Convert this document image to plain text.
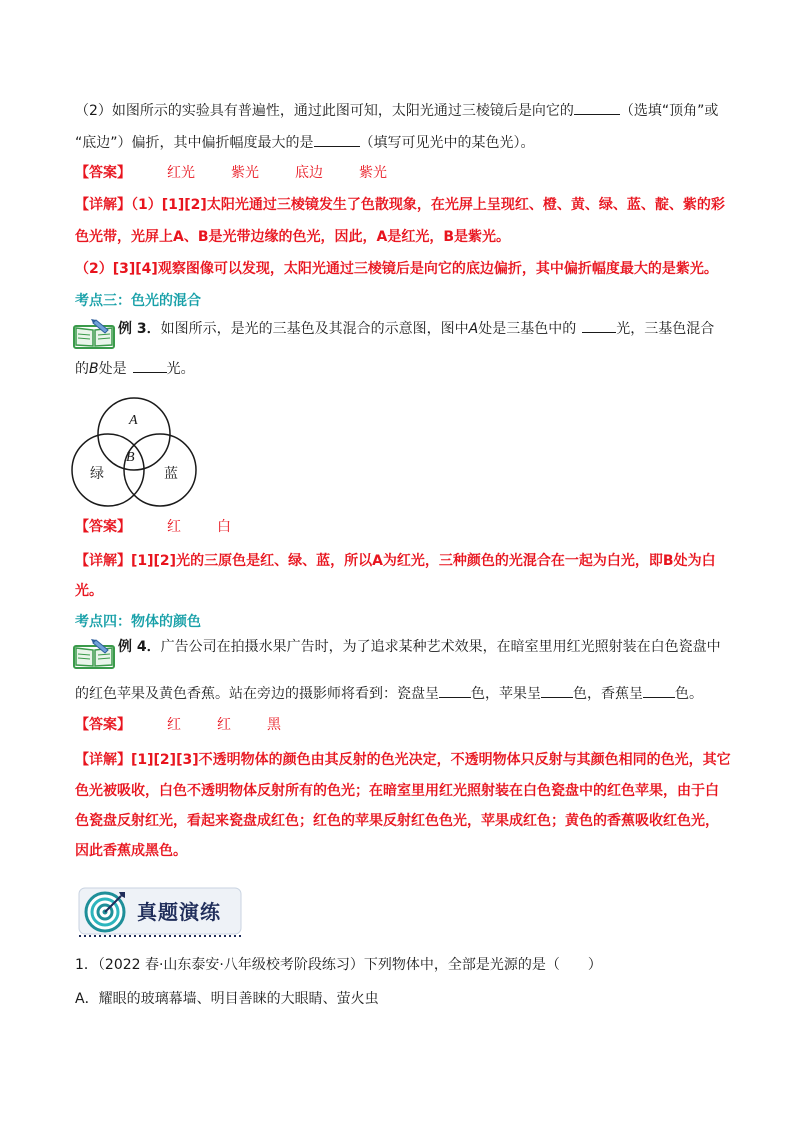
（2）如图所示的实验具有普遍性，通过此图可知，太阳光通过三棱镜后是向它的	（选填“顶角”或
“底边”）偏折，其中偏折幅度最大的是	（填写可见光中的某色光）。
【答案】	红光	紫光	底边	紫光
【详解】（1）[1][2]太阳光通过三棱镜发生了色散现象，在光屏上呈现红、橙、黄、绿、蓝、靛、紫的彩
色光带，光屏上A、B是光带边缘的色光，因此，A是红光，B是紫光。
（2）[3][4]观察图像可以发现，太阳光通过三棱镜后是向它的底边偏折，其中偏折幅度最大的是紫光。
考点三：色光的混合
例 3．如图所示，是光的三基色及其混合的示意图，图中A处是三基色中的	光，三基色混合
的B处是	光。
A
B
绿	蓝
【答案】	红	白
【详解】[1][2]光的三原色是红、绿、蓝，所以A为红光，三种颜色的光混合在一起为白光，即B处为白
光。
考点四：物体的颜色
例 4．广告公司在拍摄水果广告时，为了追求某种艺术效果，在暗室里用红光照射装在白色瓷盘中
的红色苹果及黄色香蕉。站在旁边的摄影师将看到：瓷盘呈 色，苹果呈 色，香蕉呈 色。
【答案】	红	红	黑
【详解】[1][2][3]不透明物体的颜色由其反射的色光决定，不透明物体只反射与其颜色相同的色光，其它
色光被吸收，白色不透明物体反射所有的色光；在暗室里用红光照射装在白色瓷盘中的红色苹果，由于白
色瓷盘反射红光，看起来瓷盘成红色；红色的苹果反射红色色光，苹果成红色；黄色的香蕉吸收红色光，
因此香蕉成黑色。
真题演练
1．（2022 春·山东泰安·八年级校考阶段练习）下列物体中，全部是光源的是（　　）
A．耀眼的玻璃幕墙、明目善睐的大眼睛、萤火虫
